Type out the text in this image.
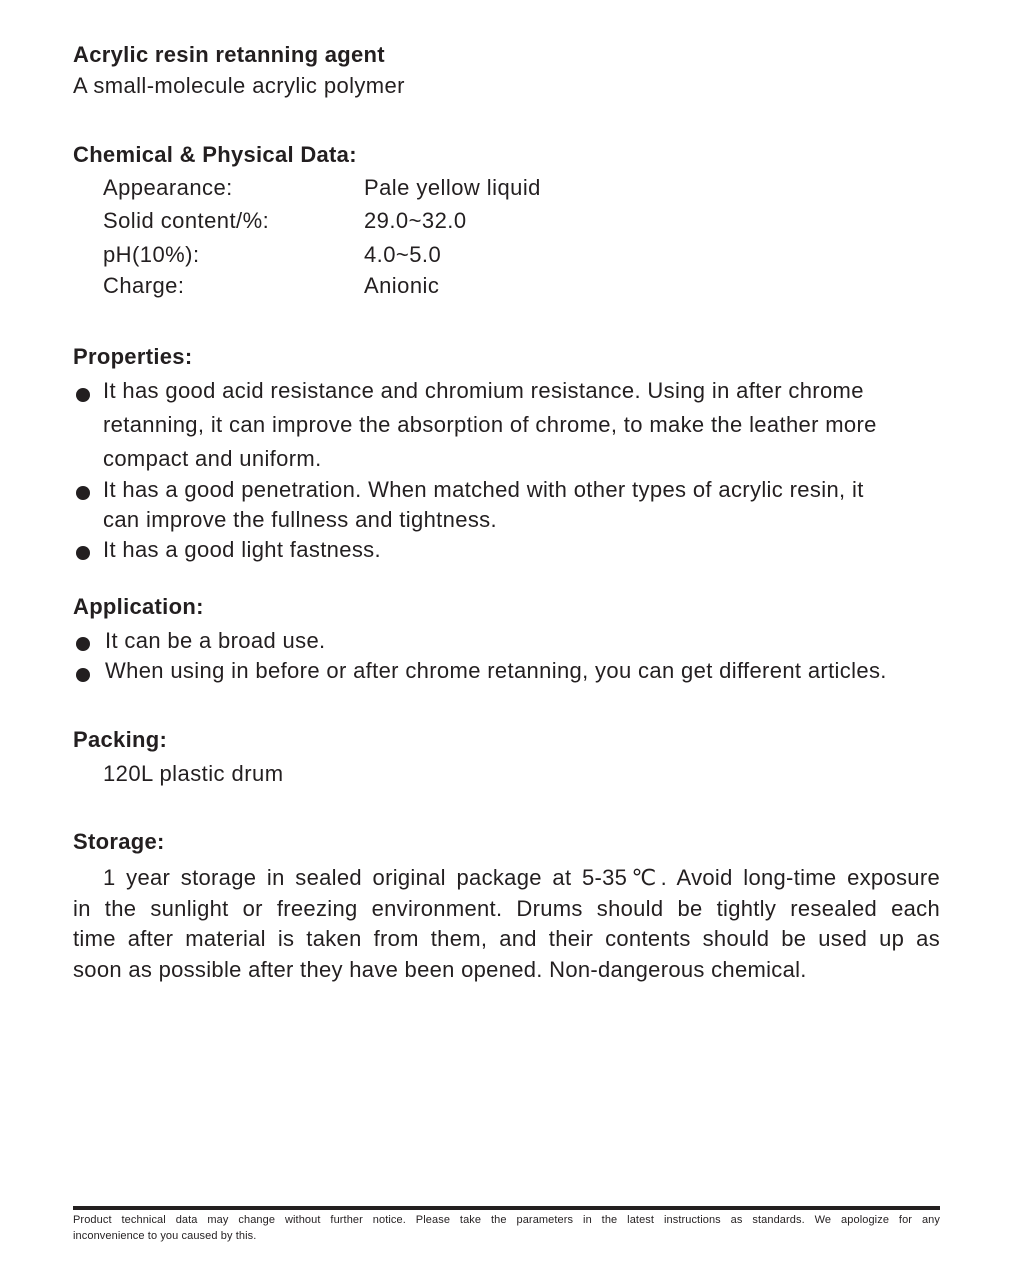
Acrylic resin retanning agent
A small-molecule acrylic polymer
Chemical & Physical Data:
Appearance:	Pale yellow liquid
Solid content/%:	29.0~32.0
pH(10%):	4.0~5.0
Charge:	Anionic
Properties:
It has good acid resistance and chromium resistance. Using in after chrome
retanning, it can improve the absorption of chrome, to make the leather more
compact and uniform.
It has a good penetration. When matched with other types of acrylic resin, it
can improve the fullness and tightness.
It has a good light fastness.
Application:
It can be a broad use.
When using in before or after chrome retanning, you can get different articles.
Packing:
120L plastic drum
Storage:
1 year storage in sealed original package at 5-35℃. Avoid long-time exposure
in the sunlight or freezing environment. Drums should be tightly resealed each
time after material is taken from them, and their contents should be used up as
soon as possible after they have been opened. Non-dangerous chemical.
Product technical data may change without further notice. Please take the parameters in the latest instructions as standards. We apologize for any
inconvenience to you caused by this.
